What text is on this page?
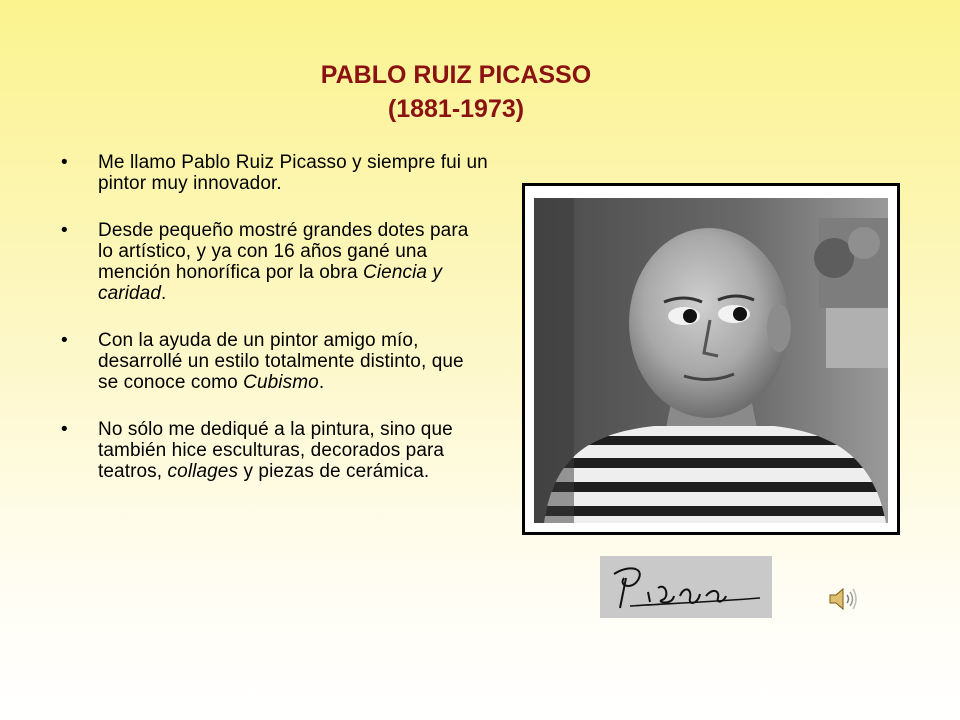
PABLO RUIZ PICASSO
(1881-1973)
• Me llamo Pablo Ruiz Picasso y siempre fui un pintor muy innovador.
• Desde pequeño mostré grandes dotes para lo artístico, y ya con 16 años gané una mención honorífica por la obra Ciencia y caridad.
• Con la ayuda de un pintor amigo mío, desarrollé un estilo totalmente distinto, que se conoce como Cubismo.
• No sólo me dediqué a la pintura, sino que también hice esculturas, decorados para teatros, collages y piezas de cerámica.
